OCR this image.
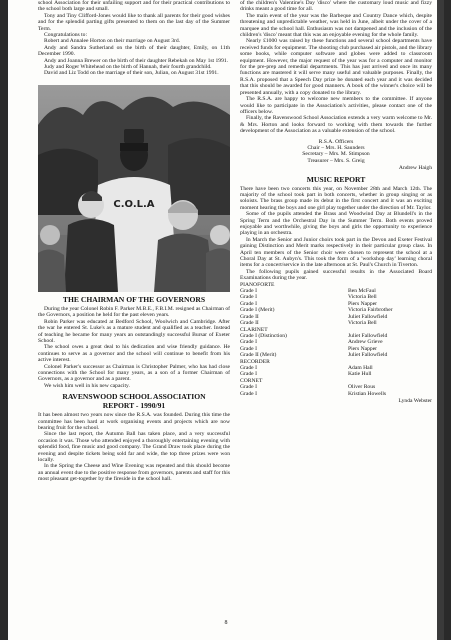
school Association for their unfailing support and for their practical contributions to the school both large and small.

Tony and Tiny Clifford-Jones would like to thank all parents for their good wishes and for the splendid parting gifts presented to them on the last day of the Summer Term.

Congratulations to:

Robert and Annalee Horton on their marriage on August 3rd.

Andy and Sandra Sutherland on the birth of their daughter, Emily, on 11th December 1990.

Andy and Joanna Brewer on the birth of their daughter Rebekah on May 1st 1991.

Judy and Roger Whitehead on the birth of Hannah, their fourth grandchild.

David and Liz Todd on the marriage of their son, Julian, on August 31st 1991.

THE CHAIRMAN OF THE GOVERNORS

During the year Colonel Robin F. Parker M.B.E., F.B.I.M. resigned as Chairman of the Governors, a position he held for the past eleven years.

Robin Parker was educated at Bedford School, Woolwich and Cambridge. After the war he entered St. Luke's as a mature student and qualified as a teacher. Instead of teaching he became for many years an outstandingly successful Bursar of Exeter School.

The school owes a great deal to his dedication and wise friendly guidance. He continues to serve as a governor and the school will continue to benefit from his active interest.

Colonel Parker's successor as Chairman is Christopher Palmer, who has had close connections with the School for many years, as a son of a former Chairman of Governors, as a governor and as a parent.

We wish him well in his new capacity.

RAVENSWOOD SCHOOL ASSOCIATION
REPORT - 1990/91

It has been almost two years now since the R.S.A. was founded. During this time the committee has been hard at work organising events and projects which are now bearing fruit for the school.

Since the last report, the Autumn Ball has taken place, and a very successful occasion it was. Those who attended enjoyed a thoroughly entertaining evening with splendid food, fine music and good company. The Grand Draw took place during the evening and despite tickets being sold far and wide, the top three prizes were won locally.

In the Spring the Cheese and Wine Evening was repeated and this should become an annual event due to the positive response from governors, parents and staff for this most pleasant get-together by the fireside in the school hall.

C.O.L.A

of the children's Valentine's Day 'disco' where the customary loud music and fizzy drinks meant a good time for all.

The main event of the year was the Barbeque and Country Dance which, despite threatening and unpredictable weather, was held in June, albeit under the cover of a marquee and the school hall. Enthusiasm was not dampened and the inclusion of the children's 'disco' meant that this was an enjoyable evening for the whole family.

Nearly £1000 was raised by these functions and several school departments have received funds for equipment. The shooting club purchased air pistols, and the library some books, while computer software and globes were added to classroom equipment. However, the major request of the year was for a computer and monitor for the pre-prep and remedial departments. This has just arrived and once its many functions are mastered it will serve many useful and valuable purposes. Finally, the R.S.A. proposed that a Speech Day prize be donated each year and it was decided that this should be awarded for good manners. A book of the winner's choice will be presented annually, with a copy donated to the library.

The R.S.A. are happy to welcome new members to the committee. If anyone would like to participate in the Association's activities, please contact one of the officers below.

Finally, the Ravenswood School Association extends a very warm welcome to Mr. & Mrs. Horton and looks forward to working with them towards the further development of the Association as a valuable extension of the school.

R.S.A. Officers
Chair – Mrs. H. Saunders
Secretary – Mrs. M. Stimpson
Treasurer – Mrs. S. Greig
Andrew Haigh
MUSIC REPORT

There have been two concerts this year, on November 28th and March 12th. The majority of the school took part in both concerts, whether in group singing or as soloists. The brass group made its debut in the first concert and it was an exciting moment hearing the boys and one girl play together under the direction of Mr. Taylor.

Some of the pupils attended the Brass and Woodwind Day at Blundell's in the Spring Term and the Orchestral Day in the Summer Term. Both events proved enjoyable and worthwhile, giving the boys and girls the opportunity to experience playing in an orchestra.

In March the Senior and Junior choirs took part in the Devon and Exeter Festival gaining Distinction and Merit marks respectively in their particular group class. In April ten members of the Senior choir were chosen to represent the school at a Choral Day at St. Aubyn's. This took the form of a 'workshop day' learning choral items for a concert/service in the late afternoon at St. Paul's Church in Tiverton.

The following pupils gained successful results in the Associated Board Examinations during the year.

PIANOFORTE	
Grade I	Ben McFaul
Grade I	Victoria Bell
Grade I	Piers Napper
Grade I (Merit)	Victoria Fairbrother
Grade II	Juliet Fallowfield
Grade II	Victoria Bell
CLARINET	
Grade I (Distinction)	Juliet Fallowfield
Grade I	Andrew Grieve
Grade I	Piers Napper
Grade II (Merit)	Juliet Fallowfield
RECORDER	
Grade I	Adam Hall
Grade I	Katie Hull
CORNET	
Grade I	Oliver Rous
Grade I	Kristian Howells
Lynda Webster
8
